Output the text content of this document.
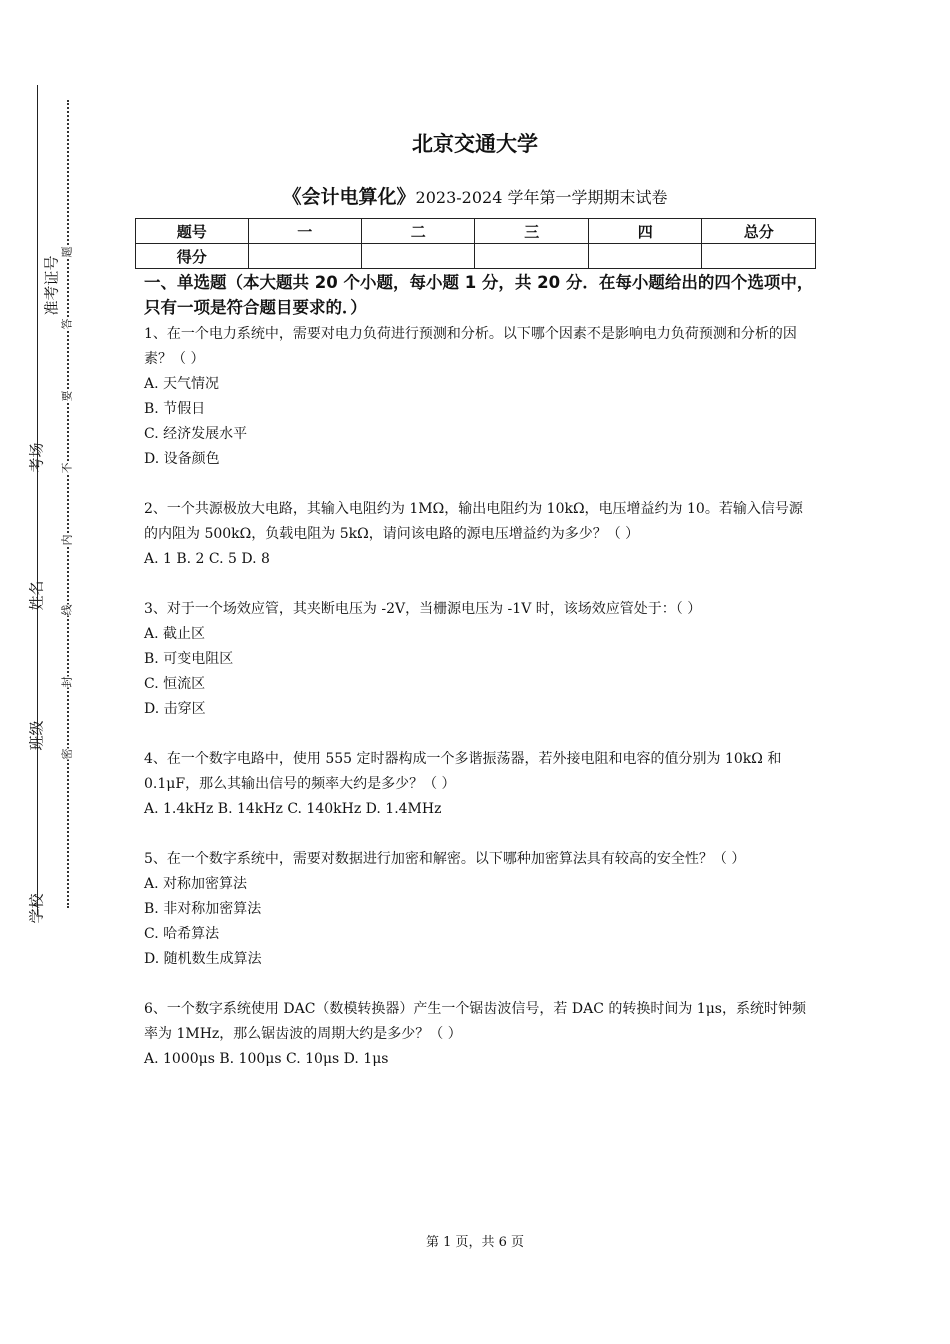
准考证号
考场
姓名
班级
学校
题
答
要
不
内
线
封
密
北京交通大学
《会计电算化》2023-2024 学年第一学期期末试卷
题号	一	二	三	四	总分
得分					
一、单选题（本大题共 20 个小题，每小题 1 分，共 20 分．在每小题给出的四个选项中，只有一项是符合题目要求的．）
1、在一个电力系统中，需要对电力负荷进行预测和分析。以下哪个因素不是影响电力负荷预测和分析的因素？（ ）
A. 天气情况
B. 节假日
C. 经济发展水平
D. 设备颜色
2、一个共源极放大电路，其输入电阻约为 1MΩ，输出电阻约为 10kΩ，电压增益约为 10。若输入信号源的内阻为 500kΩ，负载电阻为 5kΩ，请问该电路的源电压增益约为多少？（ ）
A. 1 B. 2 C. 5 D. 8
3、对于一个场效应管，其夹断电压为 -2V，当栅源电压为 -1V 时，该场效应管处于：（ ）
A. 截止区
B. 可变电阻区
C. 恒流区
D. 击穿区
4、在一个数字电路中，使用 555 定时器构成一个多谐振荡器，若外接电阻和电容的值分别为 10kΩ 和 0.1μF，那么其输出信号的频率大约是多少？（ ）
A. 1.4kHz B. 14kHz C. 140kHz D. 1.4MHz
5、在一个数字系统中，需要对数据进行加密和解密。以下哪种加密算法具有较高的安全性？（ ）
A. 对称加密算法
B. 非对称加密算法
C. 哈希算法
D. 随机数生成算法
6、一个数字系统使用 DAC（数模转换器）产生一个锯齿波信号，若 DAC 的转换时间为 1μs，系统时钟频率为 1MHz，那么锯齿波的周期大约是多少？（ ）
A. 1000μs B. 100μs C. 10μs D. 1μs
第 1 页，共 6 页
